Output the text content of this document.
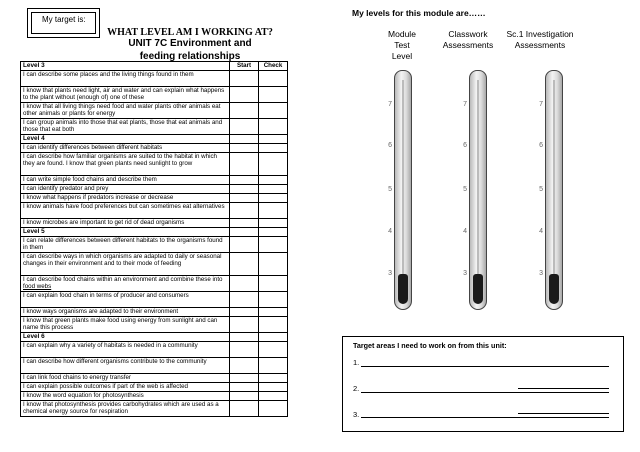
My target is:
WHAT LEVEL AM I WORKING AT?
UNIT 7C Environment and
feeding relationships
Level 3	Start	Check
I can describe some places and the living things found in them		
I know that plants need light, air and water and can explain what happens to the plant without (enough of) one of these		
I know that all living things need food and water plants other animals eat other animals or plants for energy		
I can group animals into those that eat plants, those that eat animals and those that eat both		
Level 4		
I can identify differences between different habitats		
I can describe how familiar organisms are suited to the habitat in which they are found. I know that green plants need sunlight to grow		
I can write simple food chains and describe them		
I can identify predator and prey		
I know what happens if predators increase or decrease		
I know animals have food preferences but can sometimes eat alternatives		
I know microbes are important to get rid of dead organisms		
Level 5		
I can relate differences between different habitats to the organisms found in them		
I can describe ways in which organisms are adapted to daily or seasonal changes in their environment and to their mode of feeding		
I can describe food chains within an environment and combine these into food webs		
I can explain food chain in terms of producer and consumers		
I know ways organisms are adapted to their environment		
I know that green plants make food using energy from sunlight and can name this process		
Level 6		
I can explain why a variety of habitats is needed in a community		
I can describe how different organisms contribute to the community		
I can link food chains to energy transfer		
I can explain possible outcomes if part of the web is affected		
I know the word equation for photosynthesis		
I know that photosynthesis provides carbohydrates which are used as a chemical energy source for respiration		
My levels for this module are……
Module
Test
Level
Classwork
Assessments
Sc.1 Investigation
Assessments
7
6
5
4
3
7
6
5
4
3
7
6
5
4
3
Target areas I need to work on from this unit:
1.
2.
3.
